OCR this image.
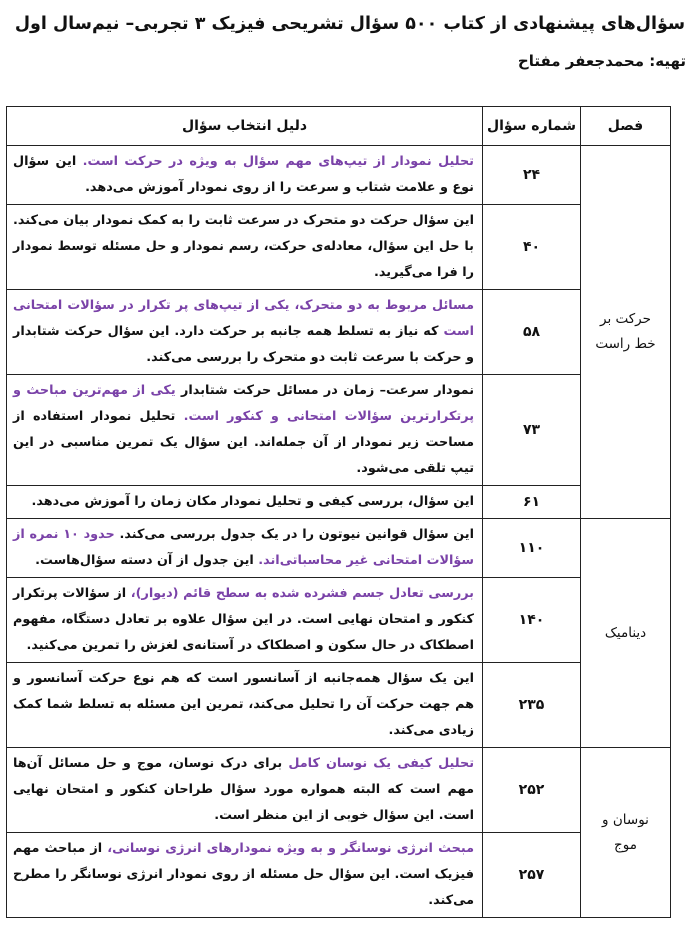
سؤال‌های پیشنهادی از کتاب ۵۰۰ سؤال تشریحی فیزیک ۳ تجربی– نیم‌سال اول
تهیه: محمدجعفر مفتاح
فصل	شماره سؤال	دلیل انتخاب سؤال
حرکت بر خط راست	۲۴	تحلیل نمودار از تیپ‌های مهم سؤال به ویژه در حرکت است. این سؤال نوع و علامت شتاب و سرعت را از روی نمودار آموزش می‌دهد.
	۴۰	این سؤال حرکت دو متحرک در سرعت ثابت را به کمک نمودار بیان می‌کند. با حل این سؤال، معادله‌ی حرکت، رسم نمودار و حل مسئله توسط نمودار را فرا می‌گیرید.
	۵۸	مسائل مربوط به دو متحرک، یکی از تیپ‌های پر تکرار در سؤالات امتحانی است که نیاز به تسلط همه جانبه بر حرکت دارد. این سؤال حرکت شتابدار و حرکت با سرعت ثابت دو متحرک را بررسی می‌کند.
	۷۳	نمودار سرعت– زمان در مسائل حرکت شتابدار یکی از مهم‌ترین مباحث و پرتکرارترین سؤالات امتحانی و کنکور است. تحلیل نمودار استفاده از مساحت زیر نمودار از آن جمله‌اند. این سؤال یک تمرین مناسبی در این تیپ تلقی می‌شود.
	۶۱	این سؤال، بررسی کیفی و تحلیل نمودار مکان زمان را آموزش می‌دهد.
دینامیک	۱۱۰	این سؤال قوانین نیوتون را در یک جدول بررسی می‌کند. حدود ۱۰ نمره از سؤالات امتحانی غیر محاسباتی‌اند. این جدول از آن دسته سؤال‌هاست.
	۱۴۰	بررسی تعادل جسم فشرده شده به سطح قائم (دیوار)، از سؤالات پرتکرار کنکور و امتحان نهایی است. در این سؤال علاوه بر تعادل دستگاه، مفهوم اصطکاک در حال سکون و اصطکاک در آستانه‌ی لغزش را تمرین می‌کنید.
	۲۳۵	این یک سؤال همه‌جانبه از آسانسور است که هم نوع حرکت آسانسور و هم جهت حرکت آن را تحلیل می‌کند، تمرین این مسئله به تسلط شما کمک زیادی می‌کند.
نوسان و موج	۲۵۲	تحلیل کیفی یک نوسان کامل برای درک نوسان، موج و حل مسائل آن‌ها مهم است که البته همواره مورد سؤال طراحان کنکور و امتحان نهایی است. این سؤال خوبی از این منظر است.
	۲۵۷	مبحث انرژی نوسانگر و به ویژه نمودارهای انرژی نوسانی، از مباحث مهم فیزیک است. این سؤال حل مسئله از روی نمودار انرژی نوسانگر را مطرح می‌کند.
